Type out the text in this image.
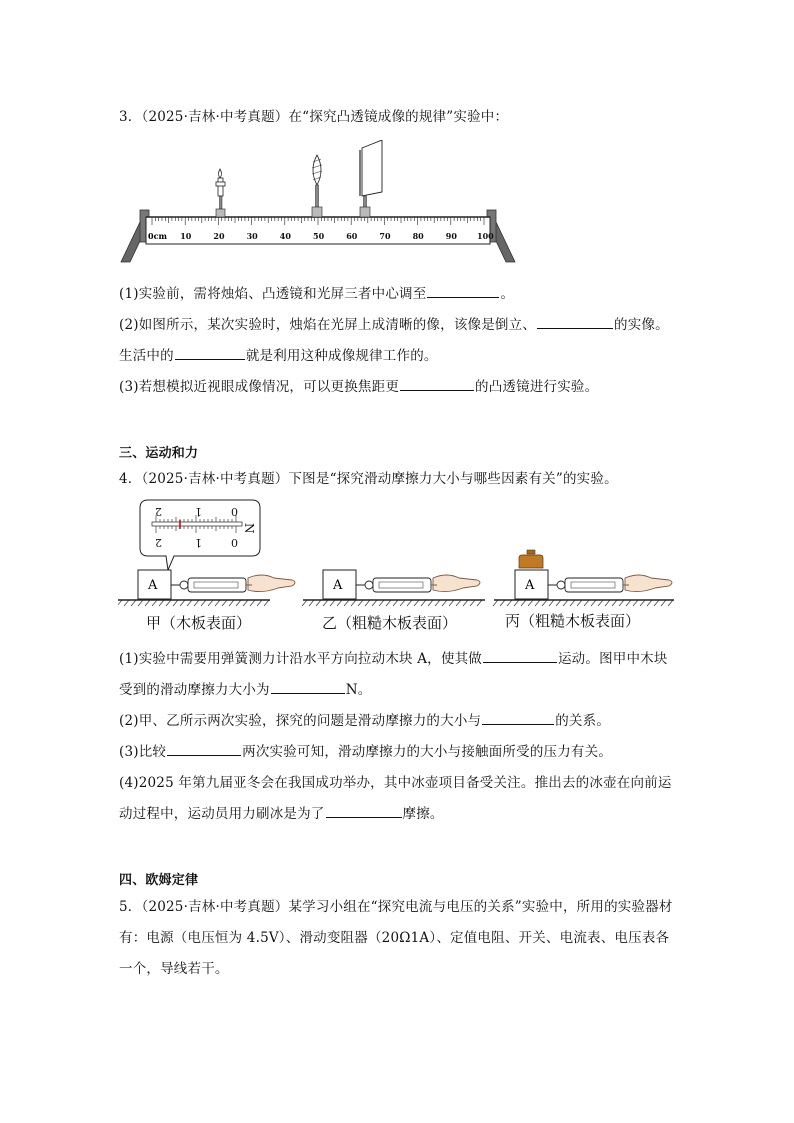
3．（2025·吉林·中考真题）在“探究凸透镜成像的规律”实验中：
0cm 10	20	30	40	50	60	70	80	90	100
(1)实验前，需将烛焰、凸透镜和光屏三者中心调至	。
(2)如图所示，某次实验时，烛焰在光屏上成清晰的像，该像是倒立、	的实像。
生活中的	就是利用这种成像规律工作的。
(3)若想模拟近视眼成像情况，可以更换焦距更	的凸透镜进行实验。
三、运动和力
4．（2025·吉林·中考真题）下图是“探究滑动摩擦力大小与哪些因素有关”的实验。
2	1	0
2	1	0
N
A	A	A
甲（木板表面）	乙（粗糙木板表面）	丙（粗糙木板表面）
(1)实验中需要用弹簧测力计沿水平方向拉动木块 A，使其做	运动。图甲中木块
受到的滑动摩擦力大小为	N。
(2)甲、乙所示两次实验，探究的问题是滑动摩擦力的大小与	的关系。
(3)比较	两次实验可知，滑动摩擦力的大小与接触面所受的压力有关。
(4)2025 年第九届亚冬会在我国成功举办，其中冰壶项目备受关注。推出去的冰壶在向前运
动过程中，运动员用力刷冰是为了	摩擦。
四、欧姆定律
5．（2025·吉林·中考真题）某学习小组在“探究电流与电压的关系”实验中，所用的实验器材
有：电源（电压恒为 4.5V）、滑动变阻器（20Ω1A）、定值电阻、开关、电流表、电压表各
一个，导线若干。
